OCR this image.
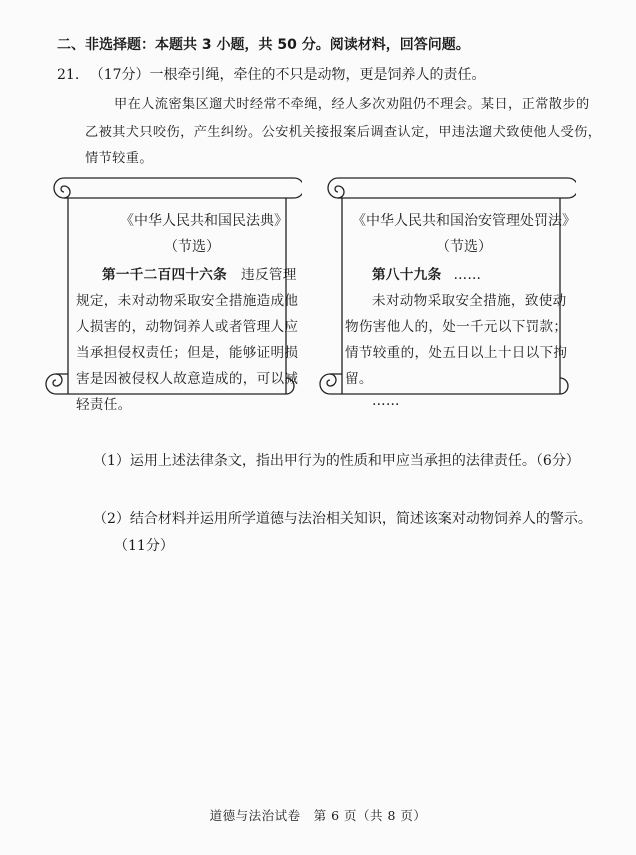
二、非选择题：本题共 3 小题，共 50 分。阅读材料，回答问题。
21. （17分）一根牵引绳，牵住的不只是动物，更是饲养人的责任。
甲在人流密集区遛犬时经常不牵绳，经人多次劝阻仍不理会。某日，正常散步的
乙被其犬只咬伤，产生纠纷。公安机关接报案后调查认定，甲违法遛犬致使他人受伤，
情节较重。
《中华人民共和国民法典》
（节选）
第一千二百四十六条 违反管理
规定，未对动物采取安全措施造成他
人损害的，动物饲养人或者管理人应
当承担侵权责任；但是，能够证明损
害是因被侵权人故意造成的，可以减
轻责任。
《中华人民共和国治安管理处罚法》
（节选）
第八十九条 ……
未对动物采取安全措施，致使动
物伤害他人的，处一千元以下罚款；
情节较重的，处五日以上十日以下拘
留。
……
（1）运用上述法律条文，指出甲行为的性质和甲应当承担的法律责任。（6分）
（2）结合材料并运用所学道德与法治相关知识，简述该案对动物饲养人的警示。
（11分）
道德与法治试卷　第 6 页（共 8 页）
